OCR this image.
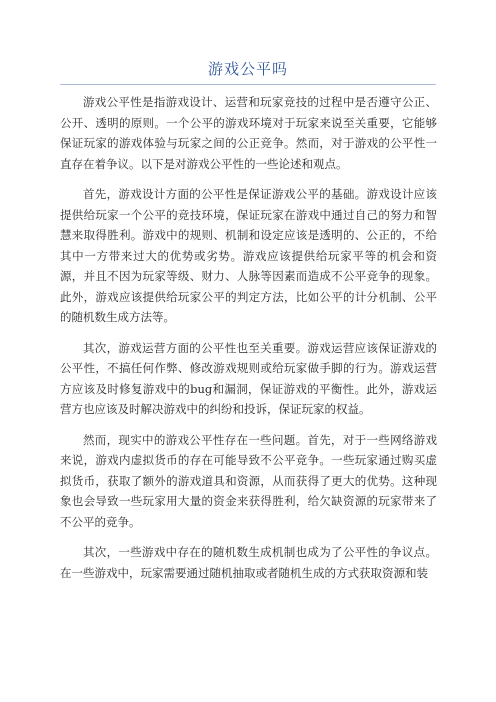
游戏公平吗

游戏公平性是指游戏设计、运营和玩家竞技的过程中是否遵守公正、公开、透明的原则。一个公平的游戏环境对于玩家来说至关重要，它能够保证玩家的游戏体验与玩家之间的公正竞争。然而，对于游戏的公平性一直存在着争议。以下是对游戏公平性的一些论述和观点。

首先，游戏设计方面的公平性是保证游戏公平的基础。游戏设计应该提供给玩家一个公平的竞技环境，保证玩家在游戏中通过自己的努力和智慧来取得胜利。游戏中的规则、机制和设定应该是透明的、公正的，不给其中一方带来过大的优势或劣势。游戏应该提供给玩家平等的机会和资源，并且不因为玩家等级、财力、人脉等因素而造成不公平竞争的现象。此外，游戏应该提供给玩家公平的判定方法，比如公平的计分机制、公平的随机数生成方法等。

其次，游戏运营方面的公平性也至关重要。游戏运营应该保证游戏的公平性，不搞任何作弊、修改游戏规则或给玩家做手脚的行为。游戏运营方应该及时修复游戏中的bug和漏洞，保证游戏的平衡性。此外，游戏运营方也应该及时解决游戏中的纠纷和投诉，保证玩家的权益。

然而，现实中的游戏公平性存在一些问题。首先，对于一些网络游戏来说，游戏内虚拟货币的存在可能导致不公平竞争。一些玩家通过购买虚拟货币，获取了额外的游戏道具和资源，从而获得了更大的优势。这种现象也会导致一些玩家用大量的资金来获得胜利，给欠缺资源的玩家带来了不公平的竞争。

其次，一些游戏中存在的随机数生成机制也成为了公平性的争议点。在一些游戏中，玩家需要通过随机抽取或者随机生成的方式获取资源和装
